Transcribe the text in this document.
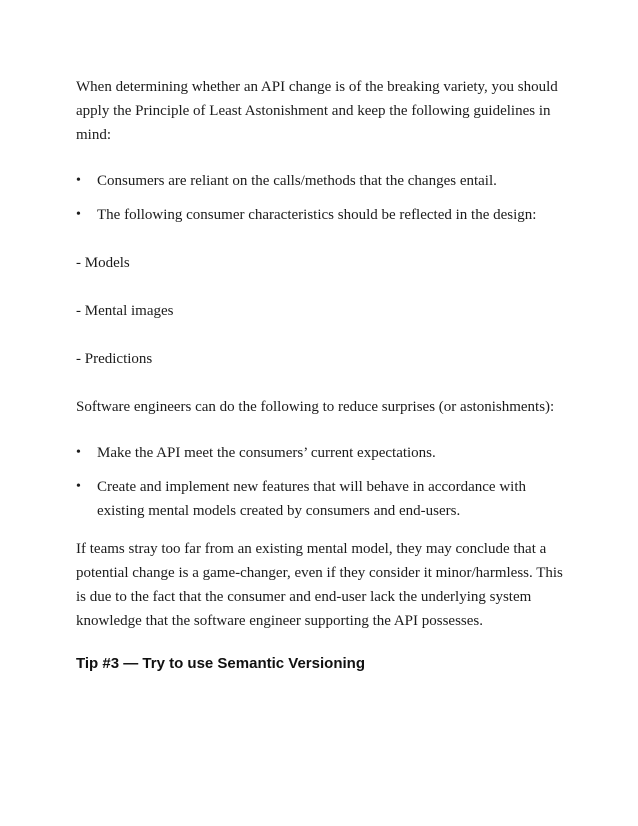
When determining whether an API change is of the breaking variety, you should apply the Principle of Least Astonishment and keep the following guidelines in mind:

• Consumers are reliant on the calls/methods that the changes entail.
• The following consumer characteristics should be reflected in the design:

- Models

- Mental images

- Predictions

Software engineers can do the following to reduce surprises (or astonishments):

• Make the API meet the consumers’ current expectations.
• Create and implement new features that will behave in accordance with existing mental models created by consumers and end-users.

If teams stray too far from an existing mental model, they may conclude that a potential change is a game-changer, even if they consider it minor/harmless. This is due to the fact that the consumer and end-user lack the underlying system knowledge that the software engineer supporting the API possesses.

Tip #3 — Try to use Semantic Versioning
